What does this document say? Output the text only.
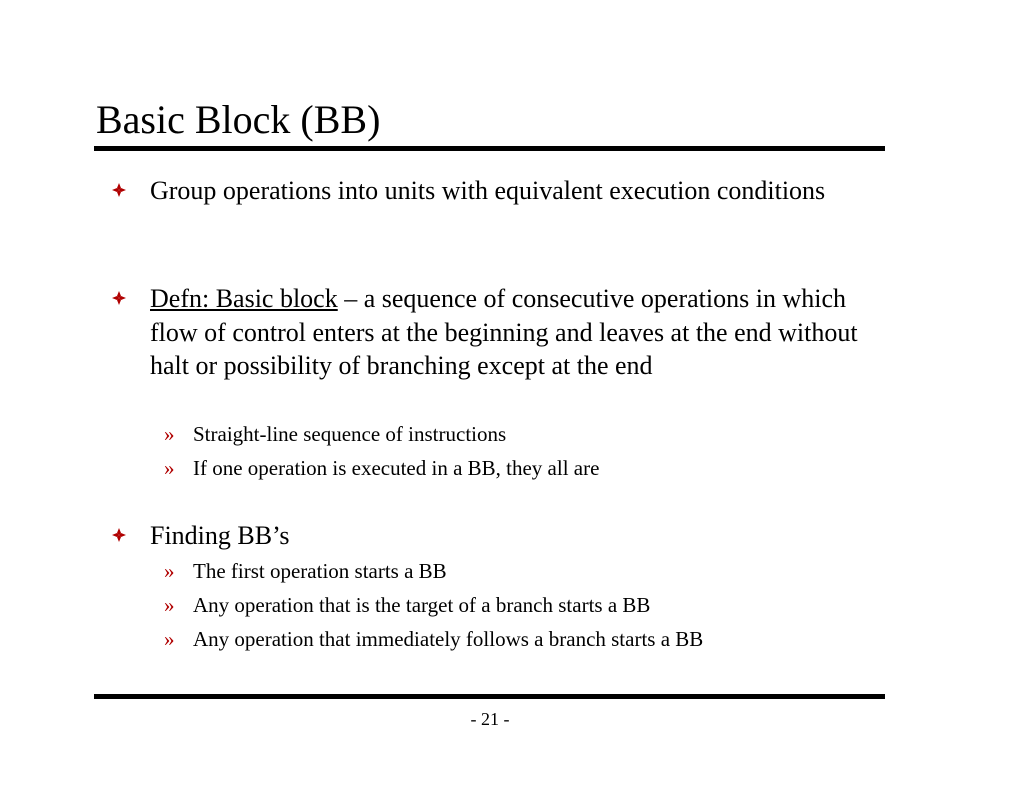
Basic Block (BB)
Group operations into units with equivalent execution conditions
Defn: Basic block – a sequence of consecutive operations in which flow of control enters at the beginning and leaves at the end without halt or possibility of branching except at the end
» Straight-line sequence of instructions
» If one operation is executed in a BB, they all are
Finding BB’s
» The first operation starts a BB
» Any operation that is the target of a branch starts a BB
» Any operation that immediately follows a branch starts a BB
- 21 -
